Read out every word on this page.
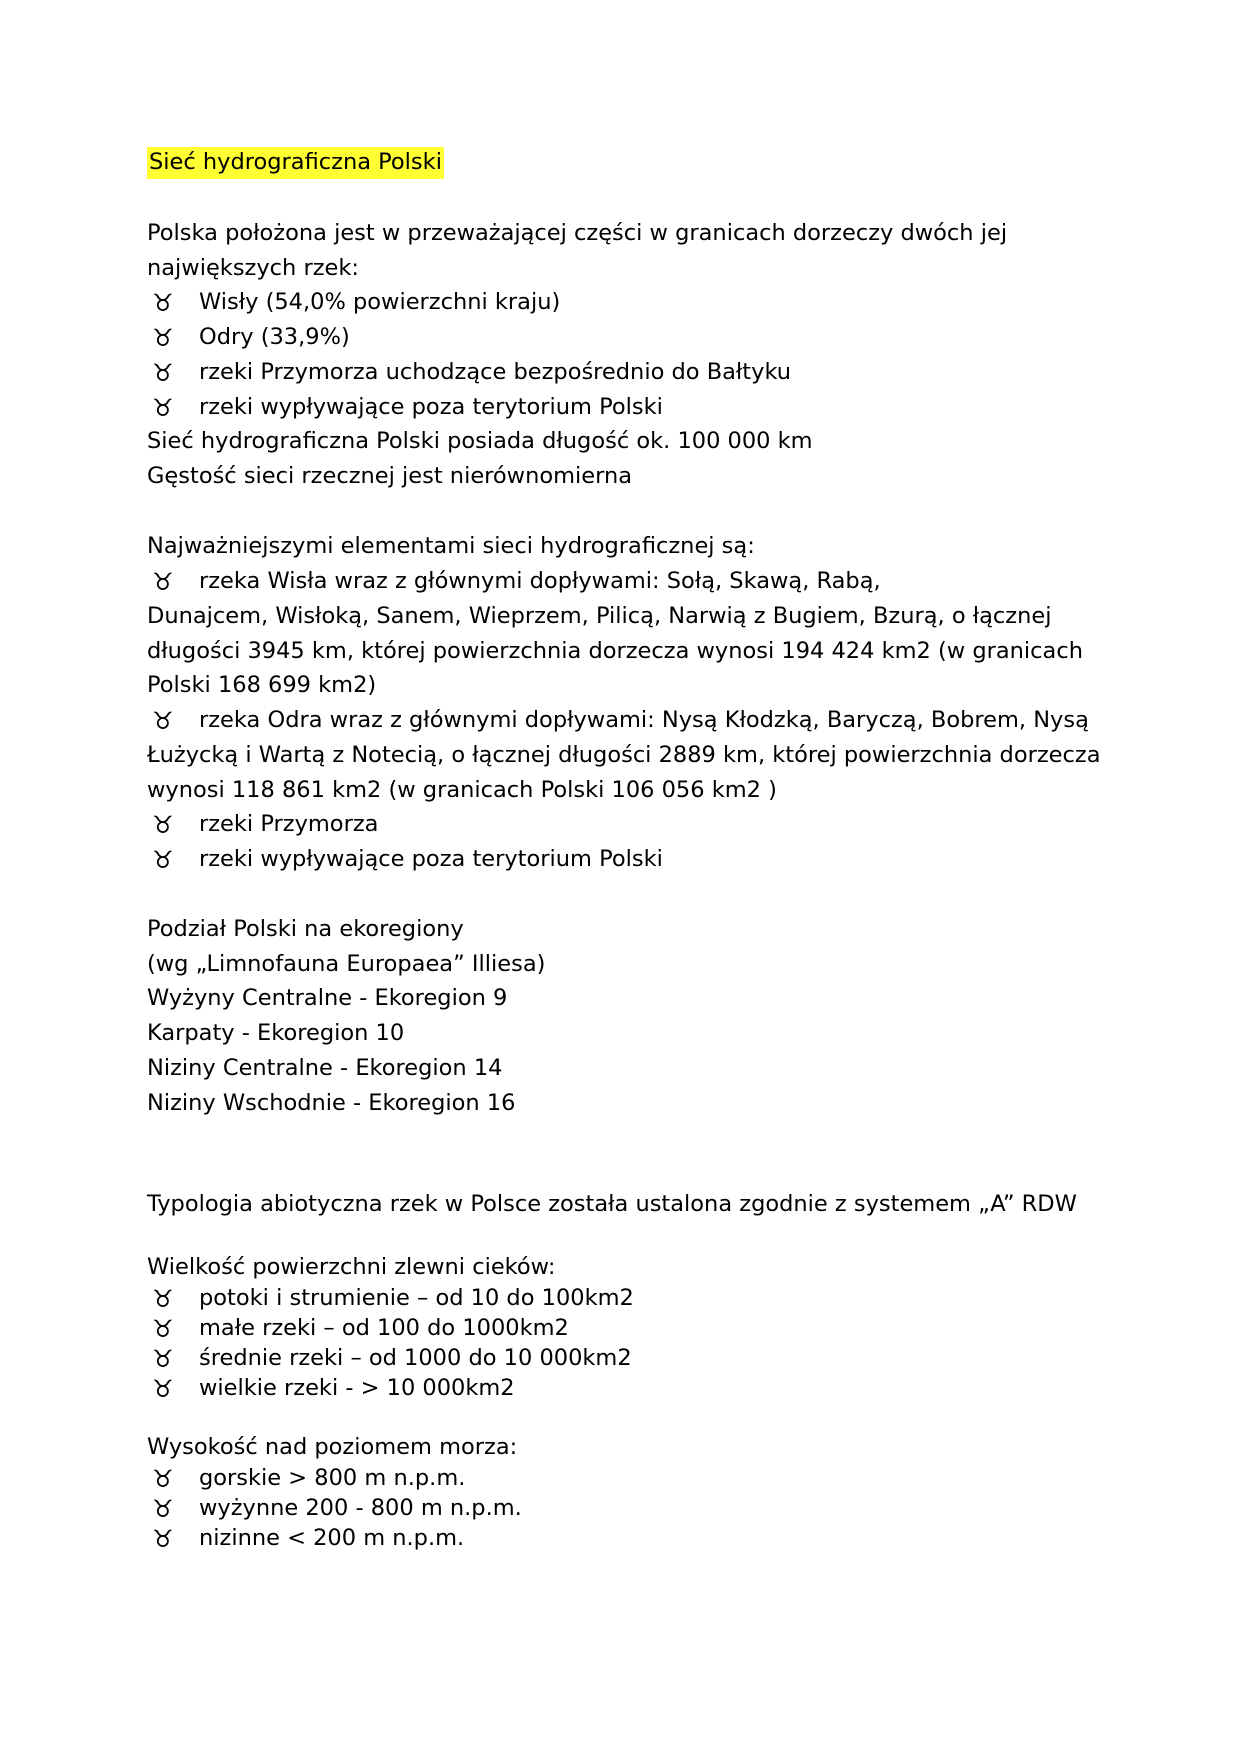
Sieć hydrograficzna Polski
Polska położona jest w przeważającej części w granicach dorzeczy dwóch jej
największych rzek:
♉ Wisły (54,0% powierzchni kraju)
♉ Odry (33,9%)
♉ rzeki Przymorza uchodzące bezpośrednio do Bałtyku
♉ rzeki wypływające poza terytorium Polski
Sieć hydrograficzna Polski posiada długość ok. 100 000 km
Gęstość sieci rzecznej jest nierównomierna
Najważniejszymi elementami sieci hydrograficznej są:
♉ rzeka Wisła wraz z głównymi dopływami: Sołą, Skawą, Rabą,
Dunajcem, Wisłoką, Sanem, Wieprzem, Pilicą, Narwią z Bugiem, Bzurą, o łącznej
długości 3945 km, której powierzchnia dorzecza wynosi 194 424 km2 (w granicach
Polski 168 699 km2)
♉ rzeka Odra wraz z głównymi dopływami: Nysą Kłodzką, Baryczą, Bobrem, Nysą
Łużycką i Wartą z Notecią, o łącznej długości 2889 km, której powierzchnia dorzecza
wynosi 118 861 km2 (w granicach Polski 106 056 km2 )
♉ rzeki Przymorza
♉ rzeki wypływające poza terytorium Polski
Podział Polski na ekoregiony
(wg „Limnofauna Europaea” Illiesa)
Wyżyny Centralne - Ekoregion 9
Karpaty - Ekoregion 10
Niziny Centralne - Ekoregion 14
Niziny Wschodnie - Ekoregion 16
Typologia abiotyczna rzek w Polsce została ustalona zgodnie z systemem „A” RDW
Wielkość powierzchni zlewni cieków:
♉ potoki i strumienie – od 10 do 100km2
♉ małe rzeki – od 100 do 1000km2
♉ średnie rzeki – od 1000 do 10 000km2
♉ wielkie rzeki - > 10 000km2
Wysokość nad poziomem morza:
♉ gorskie > 800 m n.p.m.
♉ wyżynne 200 - 800 m n.p.m.
♉ nizinne < 200 m n.p.m.
